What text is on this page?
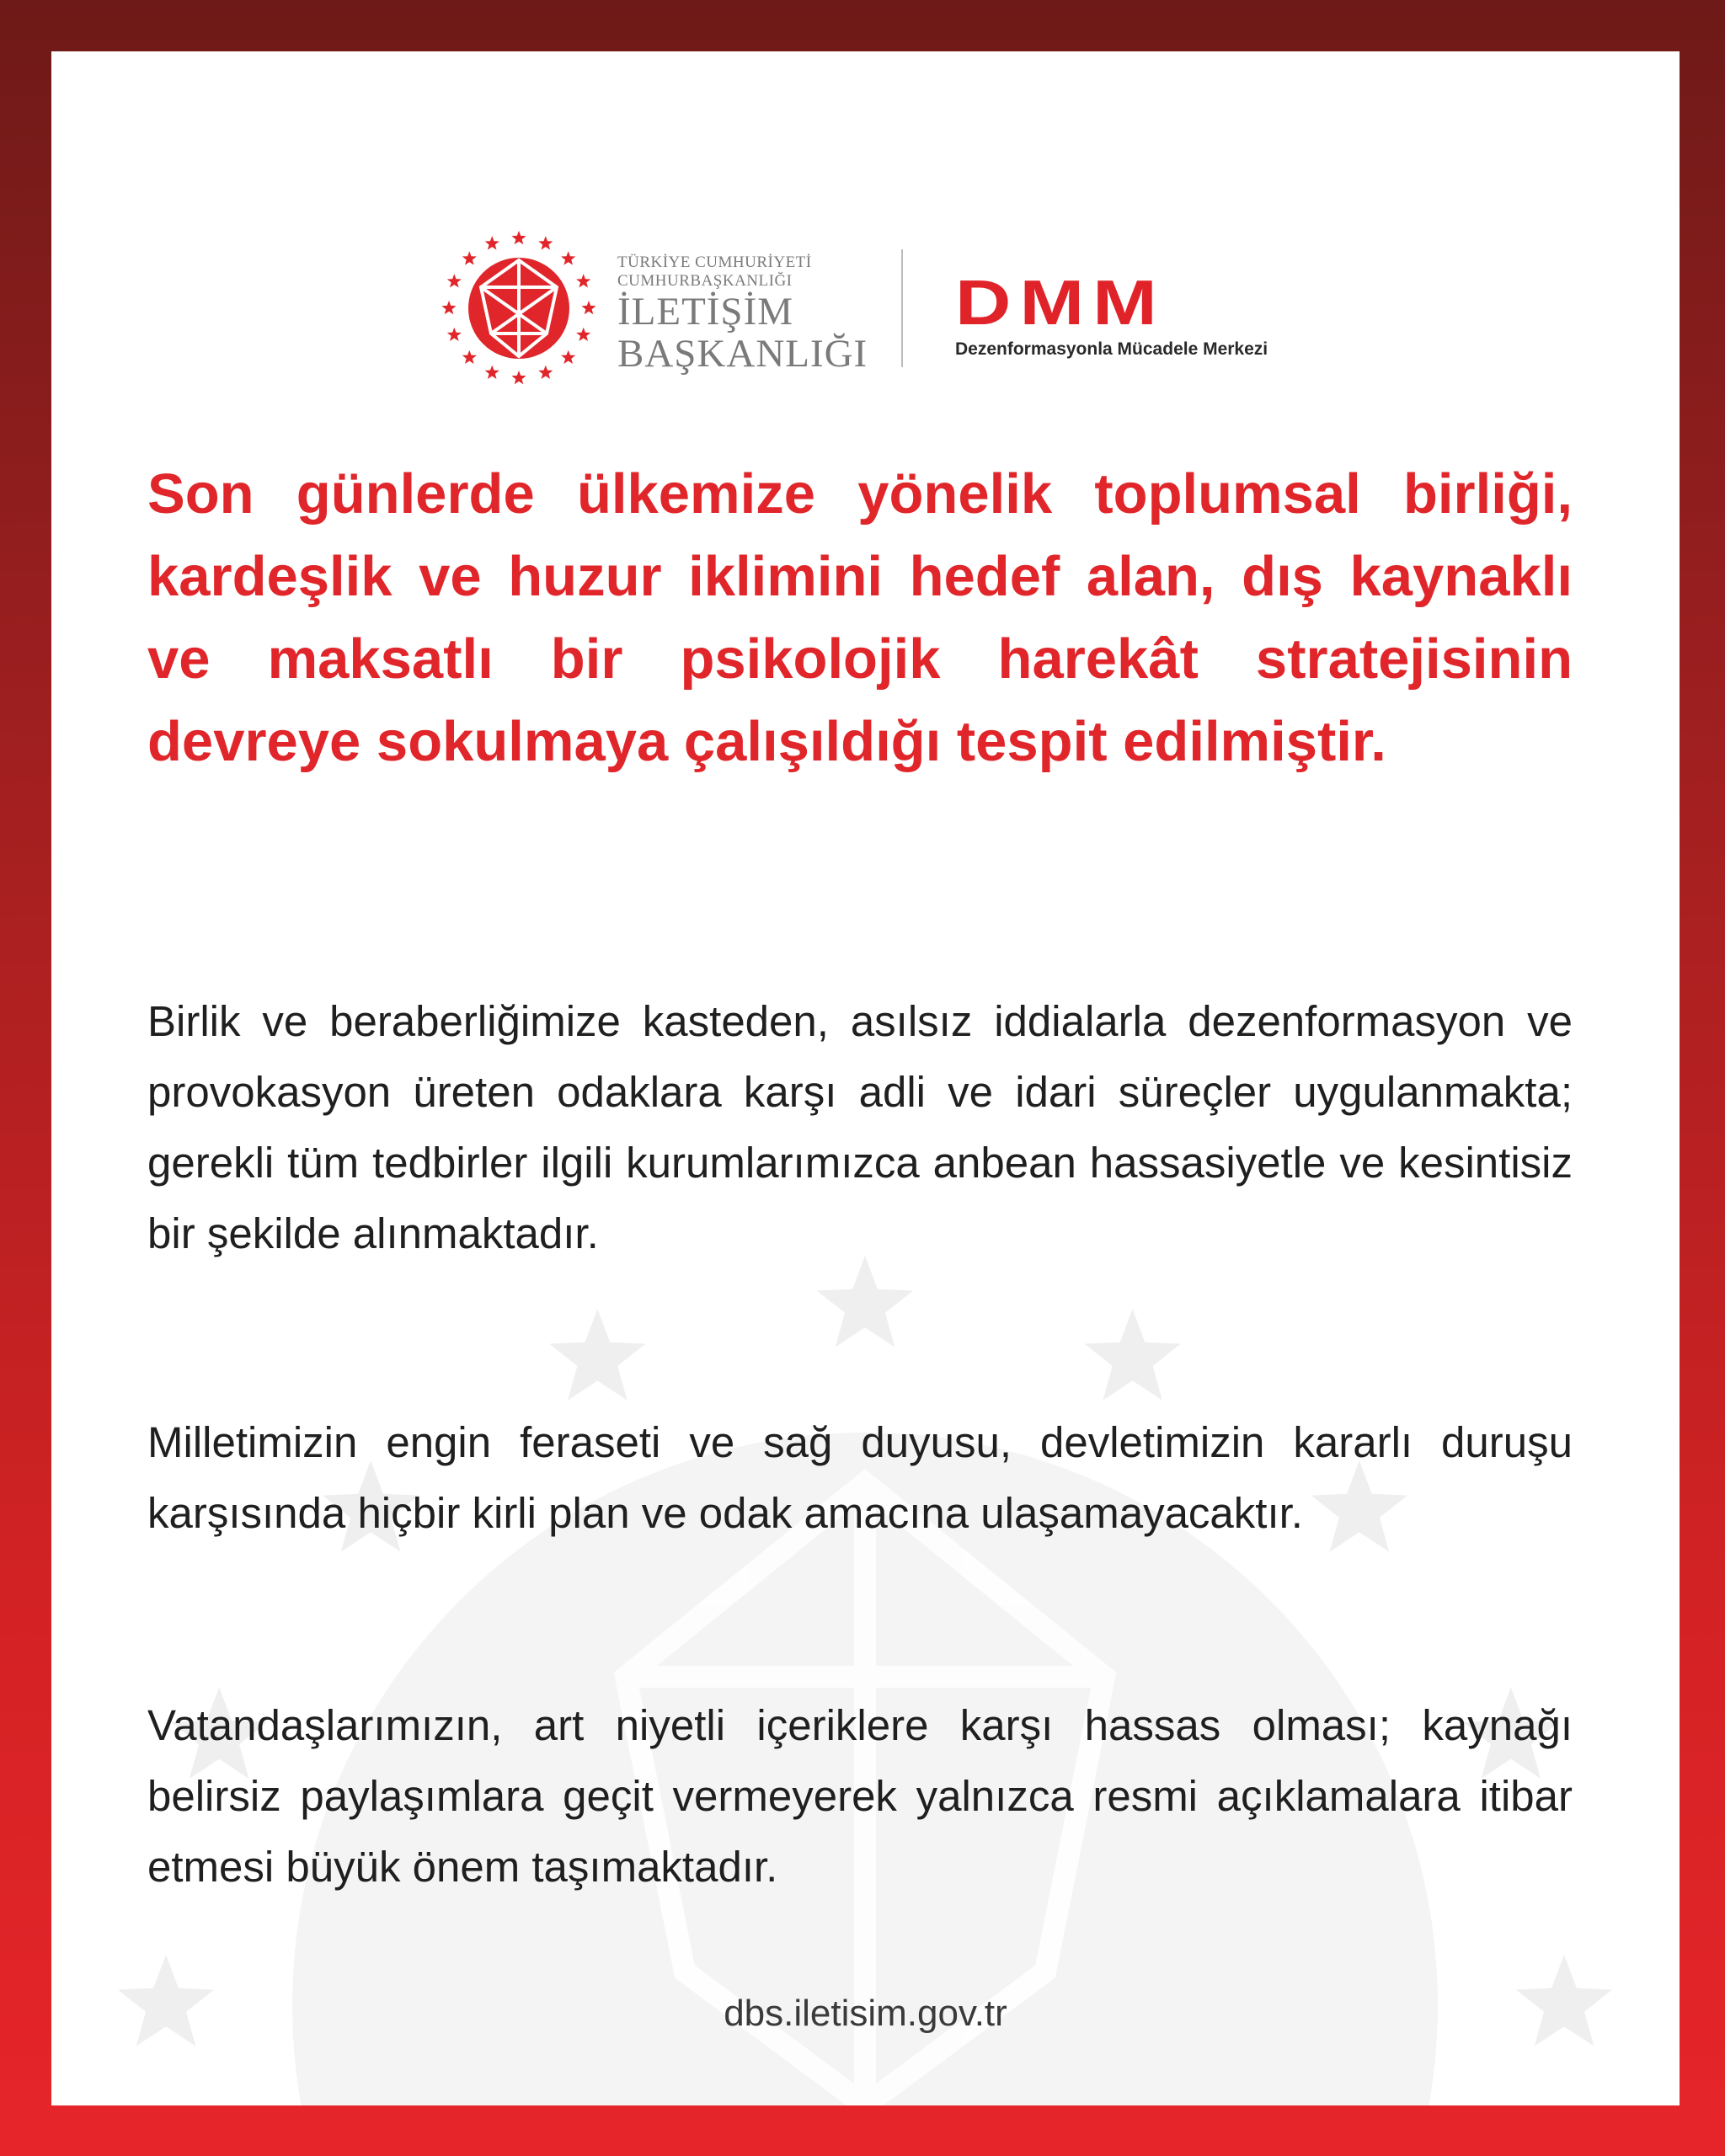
TÜRKİYE CUMHURİYETİ
CUMHURBAŞKANLIĞI
İLETİŞİM
BAŞKANLIĞI
DMM
Dezenformasyonla Mücadele Merkezi
Son günlerde ülkemize yönelik toplumsal birliği, kardeşlik ve huzur iklimini hedef alan, dış kaynaklı ve maksatlı bir psikolojik harekât stratejisinin devreye sokulmaya çalışıldığı tespit edilmiştir.
Birlik ve beraberliğimize kasteden, asılsız iddialarla dezenformasyon ve provokasyon üreten odaklara karşı adli ve idari süreçler uygulanmakta; gerekli tüm tedbirler ilgili kurumlarımızca anbean hassasiyetle ve kesintisiz bir şekilde alınmaktadır.
Milletimizin engin feraseti ve sağ duyusu, devletimizin kararlı duruşu karşısında hiçbir kirli plan ve odak amacına ulaşamayacaktır.
Vatandaşlarımızın, art niyetli içeriklere karşı hassas olması; kaynağı belirsiz paylaşımlara geçit vermeyerek yalnızca resmi açıklamalara itibar etmesi büyük önem taşımaktadır.
dbs.iletisim.gov.tr
